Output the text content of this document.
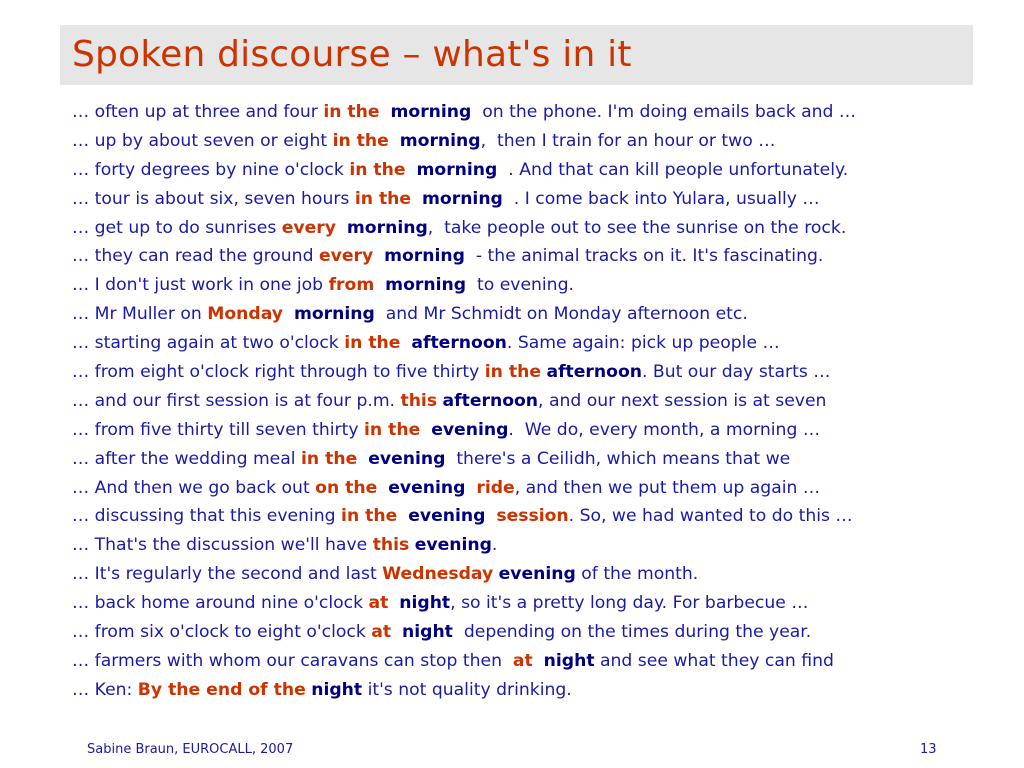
Spoken discourse – what's in it
… often up at three and four in the morning  on the phone. I'm doing emails back and …
… up by about seven or eight in the morning,  then I train for an hour or two …
… forty degrees by nine o'clock in the morning  . And that can kill people unfortunately.
… tour is about six, seven hours in the morning  . I come back into Yulara, usually …
… get up to do sunrises every morning,  take people out to see the sunrise on the rock.
… they can read the ground every morning  - the animal tracks on it. It's fascinating.
… I don't just work in one job from morning  to evening.
… Mr Muller on Monday morning  and Mr Schmidt on Monday afternoon etc.
… starting again at two o'clock in the afternoon. Same again: pick up people …
… from eight o'clock right through to five thirty in the afternoon. But our day starts …
… and our first session is at four p.m. this afternoon, and our next session is at seven
… from five thirty till seven thirty in the evening.  We do, every month, a morning …
… after the wedding meal in the evening  there's a Ceilidh, which means that we
… And then we go back out on the evening ride, and then we put them up again …
… discussing that this evening in the evening session. So, we had wanted to do this …
… That's the discussion we'll have this evening.
… It's regularly the second and last Wednesday evening of the month.
… back home around nine o'clock at night, so it's a pretty long day. For barbecue …
… from six o'clock to eight o'clock at night  depending on the times during the year.
… farmers with whom our caravans can stop then  at night and see what they can find
… Ken: By the end of the night it's not quality drinking.
Sabine Braun, EUROCALL, 2007	13
